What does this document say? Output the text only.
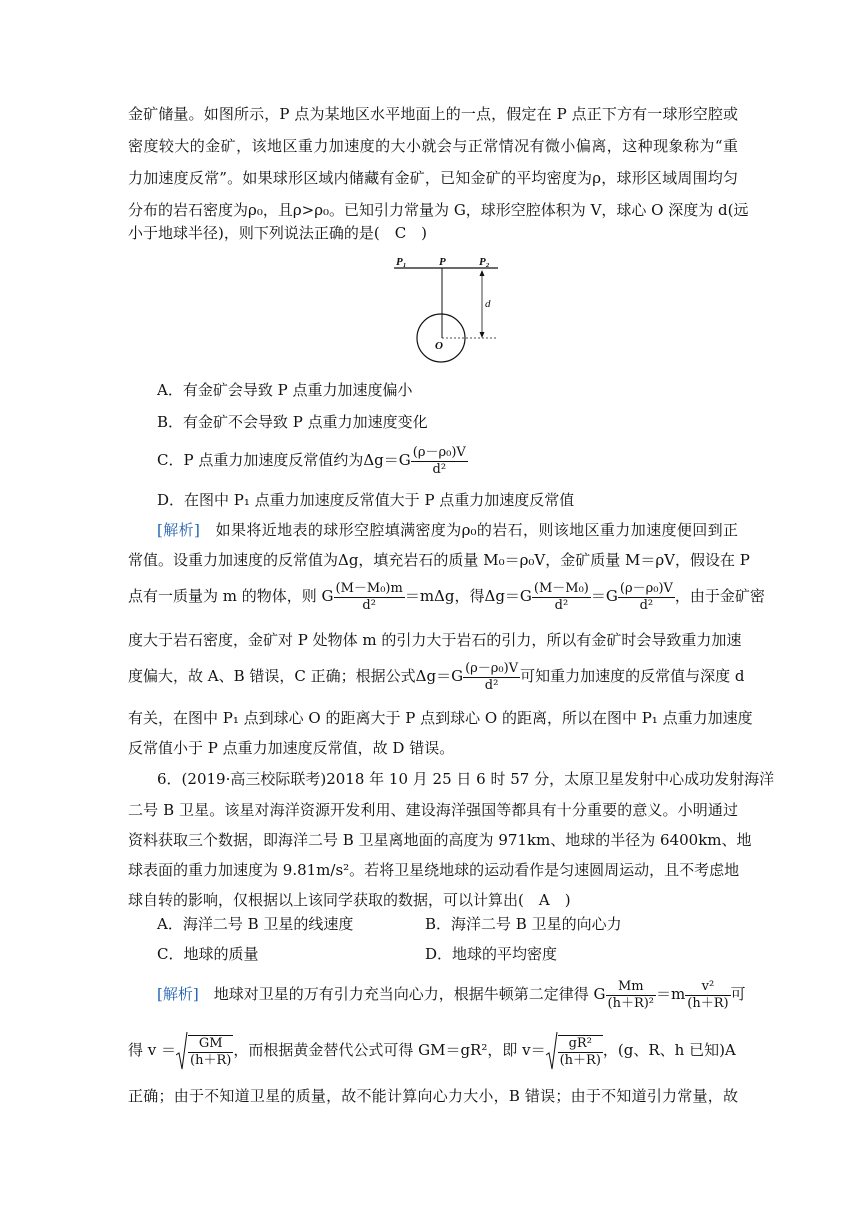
金矿储量。如图所示，P 点为某地区水平地面上的一点，假定在 P 点正下方有一球形空腔或
密度较大的金矿，该地区重力加速度的大小就会与正常情况有微小偏离，这种现象称为“重
力加速度反常”。如果球形区域内储藏有金矿，已知金矿的平均密度为ρ，球形区域周围均匀
分布的岩石密度为ρ₀，且ρ>ρ₀。已知引力常量为 G，球形空腔体积为 V，球心 O 深度为 d(远
小于地球半径)，则下列说法正确的是(　C　)
P₁	P	P₂
d
O
A．有金矿会导致 P 点重力加速度偏小
B．有金矿不会导致 P 点重力加速度变化
C．P 点重力加速度反常值约为$\Delta g=G \frac{\text{(ρ－ρ₀)V}}{\text{d²}}$
D．在图中 P₁ 点重力加速度反常值大于 P 点重力加速度反常值
[解析]　 如果将近地表的球形空腔填满密度为ρ₀的岩石，则该地区重力加速度便回到正
常值。设重力加速度的反常值为Δg，填充岩石的质量 M₀＝ρ₀V，金矿质量 M＝ρV，假设在 P
点有一质量为 m 的物体，则 G $\frac{\text{(M－M₀)m}}{\text{d²}} =m\Delta g$，得$\Delta g=G \frac{\text{(M－M₀)}}{\text{d²}} =G \frac{\text{(ρ－ρ₀)V}}{\text{d²}}$ ，由于金矿密
度大于岩石密度，金矿对 P 处物体 m 的引力大于岩石的引力，所以有金矿时会导致重力加速
度偏大，故 A、B 错误，C 正确；根据公式$\Delta g=G \frac{\text{(ρ－ρ₀)V}}{\text{d²}}$ 可知重力加速度的反常值与深度 d
有关，在图中 P₁ 点到球心 O 的距离大于 P 点到球心 O 的距离，所以在图中 P₁ 点重力加速度
反常值小于 P 点重力加速度反常值，故 D 错误。
6．(2019·高三校际联考)2018 年 10 月 25 日 6 时 57 分，太原卫星发射中心成功发射海洋
二号 B 卫星。该星对海洋资源开发利用、建设海洋强国等都具有十分重要的意义。小明通过
资料获取三个数据，即海洋二号 B 卫星离地面的高度为 971km、地球的半径为 6400km、地
球表面的重力加速度为 9.81m/s²。若将卫星绕地球的运动看作是匀速圆周运动，且不考虑地
球自转的影响，仅根据以上该同学获取的数据，可以计算出(　A　)
A．海洋二号 B 卫星的线速度	B．海洋二号 B 卫星的向心力
C．地球的质量	D．地球的平均密度
[解析]　 地球对卫星的万有引力充当向心力，根据牛顿第二定律得 G $\frac{Mm}{\text{(h＋R)²}} =m \frac{\text{v²}}{(h+R)}$ 可
得 $v = \frac{GM}{(h+R)}$ ，而根据黄金替代公式可得 GM＝gR²，即 $v= \frac{\text{gR²}}{(h+R)}$ ，(g、R、h 已知)A
正确；由于不知道卫星的质量，故不能计算向心力大小，B 错误；由于不知道引力常量，故
